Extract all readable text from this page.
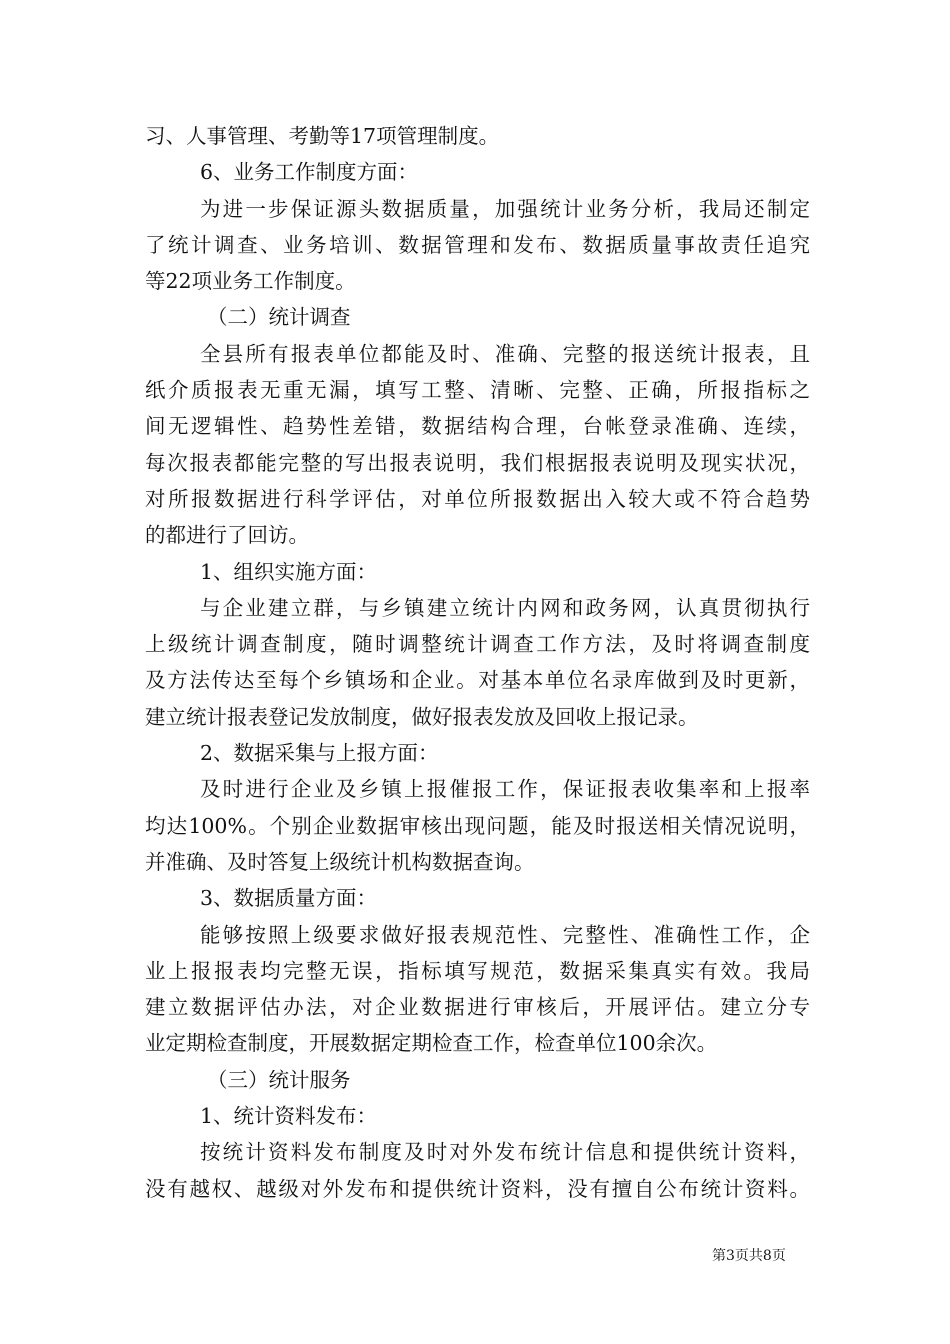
习、人事管理、考勤等17项管理制度。
6、业务工作制度方面：
为进一步保证源头数据质量，加强统计业务分析，我局还制定
了统计调查、业务培训、数据管理和发布、数据质量事故责任追究
等22项业务工作制度。
（二）统计调查
全县所有报表单位都能及时、准确、完整的报送统计报表，且
纸介质报表无重无漏，填写工整、清晰、完整、正确，所报指标之
间无逻辑性、趋势性差错，数据结构合理，台帐登录准确、连续，
每次报表都能完整的写出报表说明，我们根据报表说明及现实状况，
对所报数据进行科学评估，对单位所报数据出入较大或不符合趋势
的都进行了回访。
1、组织实施方面：
与企业建立群，与乡镇建立统计内网和政务网，认真贯彻执行
上级统计调查制度，随时调整统计调查工作方法，及时将调查制度
及方法传达至每个乡镇场和企业。对基本单位名录库做到及时更新，
建立统计报表登记发放制度，做好报表发放及回收上报记录。
2、数据采集与上报方面：
及时进行企业及乡镇上报催报工作，保证报表收集率和上报率
均达100%。个别企业数据审核出现问题，能及时报送相关情况说明，
并准确、及时答复上级统计机构数据查询。
3、数据质量方面：
能够按照上级要求做好报表规范性、完整性、准确性工作，企
业上报报表均完整无误，指标填写规范，数据采集真实有效。我局
建立数据评估办法，对企业数据进行审核后，开展评估。建立分专
业定期检查制度，开展数据定期检查工作，检查单位100余次。
（三）统计服务
1、统计资料发布：
按统计资料发布制度及时对外发布统计信息和提供统计资料，
没有越权、越级对外发布和提供统计资料，没有擅自公布统计资料。
第3页共8页
